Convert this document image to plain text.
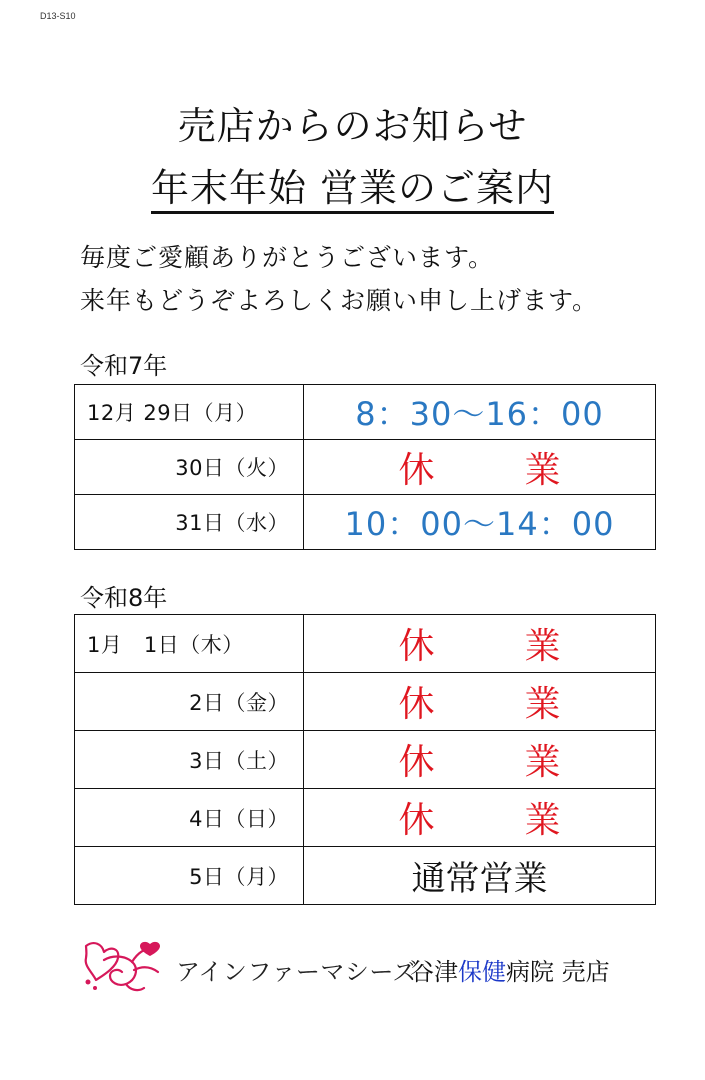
D13-S10
売店からのお知らせ
年末年始 営業のご案内
毎度ご愛顧ありがとうございます。
来年もどうぞよろしくお願い申し上げます。
令和7年
12月 29日（月）	8：30～16：00
30日（火）	休 業
31日（水）	10：00～14：00
令和8年
1月　1日（木）	休 業
2日（金）	休 業
3日（土）	休 業
4日（日）	休 業
5日（月）	通常営業
アインファーマシーズ
谷津保健病院 売店
